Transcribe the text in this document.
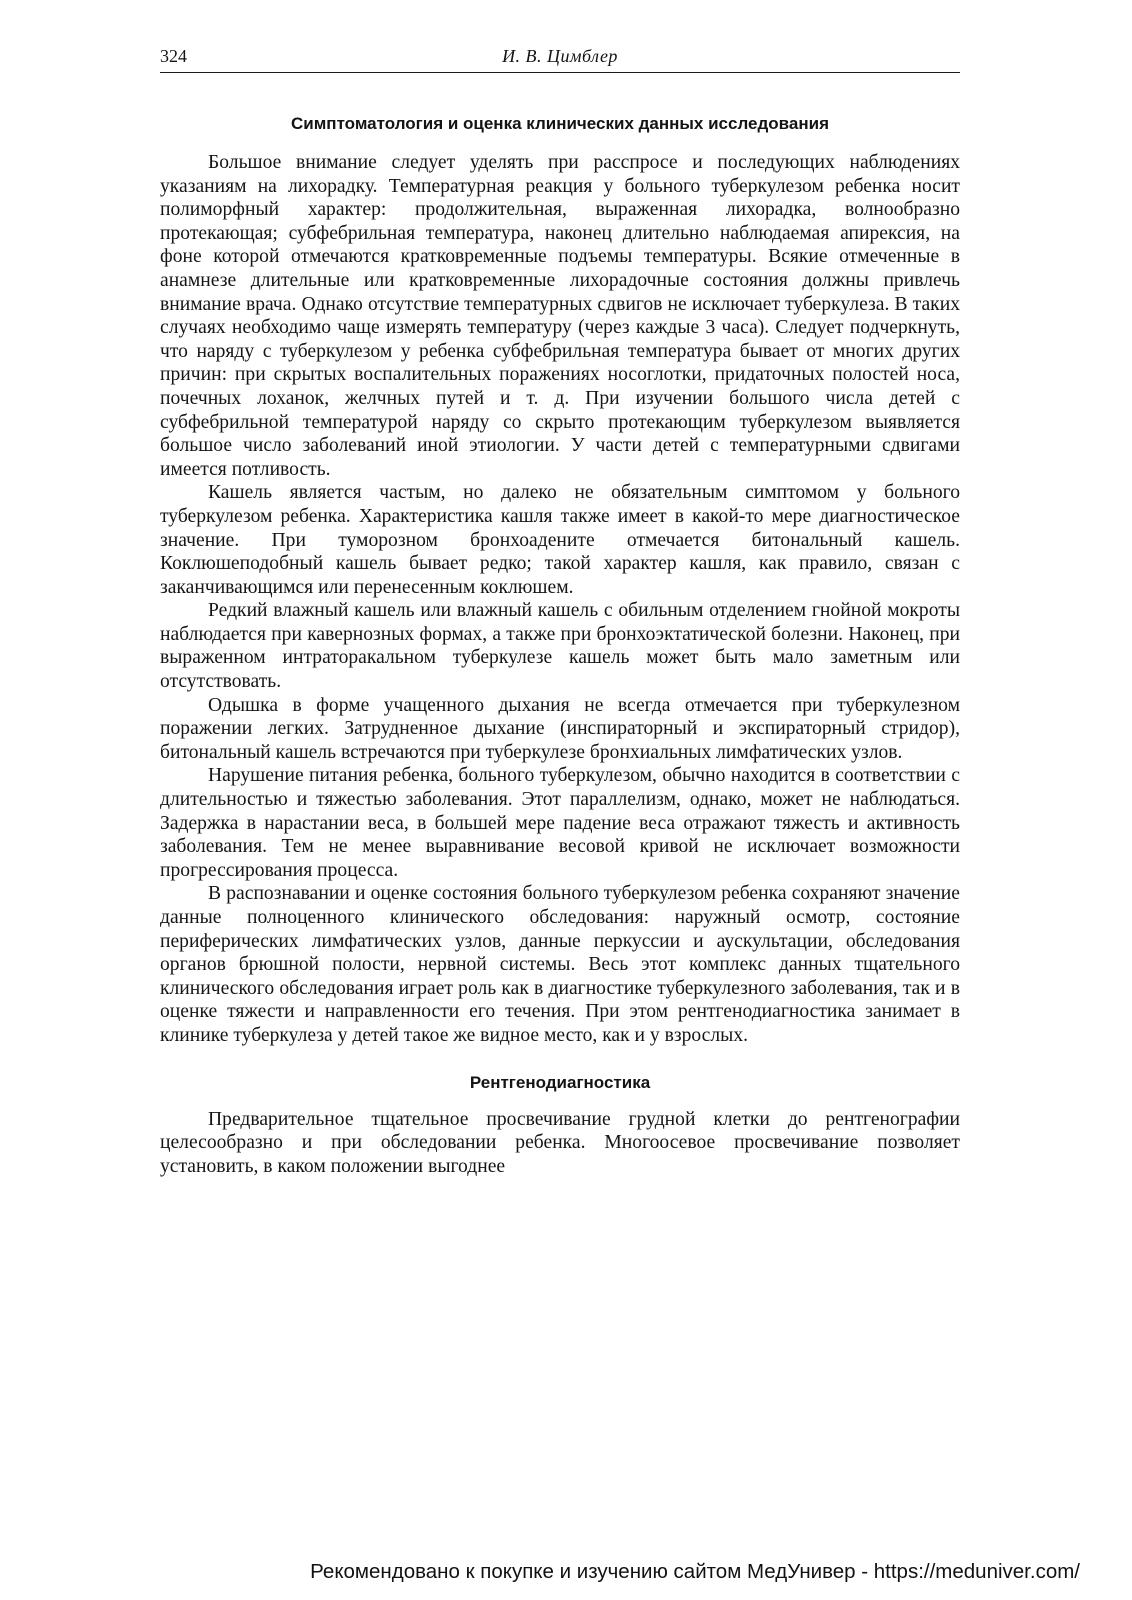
324	И. В. Цимблер
Симптоматология и оценка клинических данных исследования

Большое внимание следует уделять при расспросе и последующих наблюдениях указаниям на лихорадку. Температурная реакция у больного туберкулезом ребенка носит полиморфный характер: продолжительная, выраженная лихорадка, волнообразно протекающая; субфебрильная температура, наконец длительно наблюдаемая апирексия, на фоне которой отмечаются кратковременные подъемы температуры. Всякие отмеченные в анамнезе длительные или кратковременные лихорадочные состояния должны привлечь внимание врача. Однако отсутствие температурных сдвигов не исключает туберкулеза. В таких случаях необходимо чаще измерять температуру (через каждые 3 часа). Следует подчеркнуть, что наряду с туберкулезом у ребенка субфебрильная температура бывает от многих других причин: при скрытых воспалительных поражениях носоглотки, придаточных полостей носа, почечных лоханок, желчных путей и т. д. При изучении большого числа детей с субфебрильной температурой наряду со скрыто протекающим туберкулезом выявляется большое число заболеваний иной этиологии. У части детей с температурными сдвигами имеется потливость.

Кашель является частым, но далеко не обязательным симптомом у больного туберкулезом ребенка. Характеристика кашля также имеет в какой-то мере диагностическое значение. При туморозном бронхоадените отмечается битональный кашель. Коклюшеподобный кашель бывает редко; такой характер кашля, как правило, связан с заканчивающимся или перенесенным коклюшем.

Редкий влажный кашель или влажный кашель с обильным отделением гнойной мокроты наблюдается при кавернозных формах, а также при бронхоэктатической болезни. Наконец, при выраженном интраторакальном туберкулезе кашель может быть мало заметным или отсутствовать.

Одышка в форме учащенного дыхания не всегда отмечается при туберкулезном поражении легких. Затрудненное дыхание (инспираторный и экспираторный стридор), битональный кашель встречаются при туберкулезе бронхиальных лимфатических узлов.

Нарушение питания ребенка, больного туберкулезом, обычно находится в соответствии с длительностью и тяжестью заболевания. Этот параллелизм, однако, может не наблюдаться. Задержка в нарастании веса, в большей мере падение веса отражают тяжесть и активность заболевания. Тем не менее выравнивание весовой кривой не исключает возможности прогрессирования процесса.

В распознавании и оценке состояния больного туберкулезом ребенка сохраняют значение данные полноценного клинического обследования: наружный осмотр, состояние периферических лимфатических узлов, данные перкуссии и аускультации, обследования органов брюшной полости, нервной системы. Весь этот комплекс данных тщательного клинического обследования играет роль как в диагностике туберкулезного заболевания, так и в оценке тяжести и направленности его течения. При этом рентгенодиагностика занимает в клинике туберкулеза у детей такое же видное место, как и у взрослых.

Рентгенодиагностика

Предварительное тщательное просвечивание грудной клетки до рентгенографии целесообразно и при обследовании ребенка. Многоосевое просвечивание позволяет установить, в каком положении выгоднее

Рекомендовано к покупке и изучению сайтом МедУнивер - https://meduniver.com/
